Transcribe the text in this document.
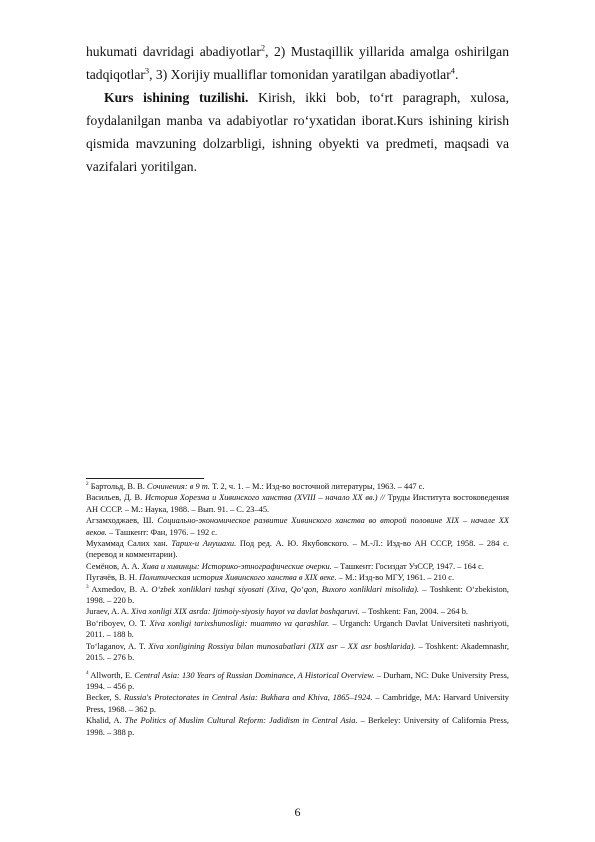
hukumati davridagi abadiyotlar$^2$, 2) Mustaqillik yillarida amalga oshirilgan tadqiqotlar$^3$, 3) Xorijiy mualliflar tomonidan yaratilgan abadiyotlar$^4$.

Kurs ishining tuzilishi. Kirish, ikki bob, to‘rt paragraph, xulosa, foydalanilgan manba va adabiyotlar ro‘yxatidan iborat.Kurs ishining kirish qismida mavzuning dolzarbligi, ishning obyekti va predmeti, maqsadi va vazifalari yoritilgan.

$^2$ Бартольд, В. В. Сочинения: в 9 т. Т. 2, ч. 1. – М.: Изд-во восточной литературы, 1963. – 447 с.

Васильев, Д. В. История Хорезма и Хивинского ханства (XVIII – начало XX вв.) // Труды Института востоковедения АН СССР. – М.: Наука, 1988. – Вып. 91. – С. 23–45.

Агзамходжаев, Ш. Социально-экономическое развитие Хивинского ханства во второй половине XIX – начале XX веков. – Ташкент: Фан, 1976. – 192 с.

Мухаммад Салих хан. Тарих-и Анушахи. Под ред. А. Ю. Якубовского. – М.-Л.: Изд-во АН СССР, 1958. – 284 с. (перевод и комментарии).

Семёнов, А. А. Хива и хивинцы: Историко-этнографические очерки. – Ташкент: Госиздат УзССР, 1947. – 164 с.

Пугачёв, В. Н. Политическая история Хивинского ханства в XIX веке. – М.: Изд-во МГУ, 1961. – 210 с.

$^3$ Axmedov, B. A. O‘zbek xonliklari tashqi siyosati (Xiva, Qo‘qon, Buxoro xonliklari misolida). – Toshkent: O‘zbekiston, 1998. – 220 b.

Juraev, A. A. Xiva xonligi XIX asrda: Ijtimoiy-siyosiy hayot va davlat boshqaruvi. – Toshkent: Fan, 2004. – 264 b.

Bo‘riboyev, O. T. Xiva xonligi tarixshunosligi: muammo va qarashlar. – Urganch: Urganch Davlat Universiteti nashriyoti, 2011. – 188 b.

To‘laganov, A. T. Xiva xonligining Rossiya bilan munosabatlari (XIX asr – XX asr boshlarida). – Toshkent: Akademnashr, 2015. – 276 b.

$^4$ Allworth, E. Central Asia: 130 Years of Russian Dominance, A Historical Overview. – Durham, NC: Duke University Press, 1994. – 456 p.

Becker, S. Russia's Protectorates in Central Asia: Bukhara and Khiva, 1865–1924. – Cambridge, MA: Harvard University Press, 1968. – 362 p.

Khalid, A. The Politics of Muslim Cultural Reform: Jadidism in Central Asia. – Berkeley: University of California Press, 1998. – 388 p.

6
